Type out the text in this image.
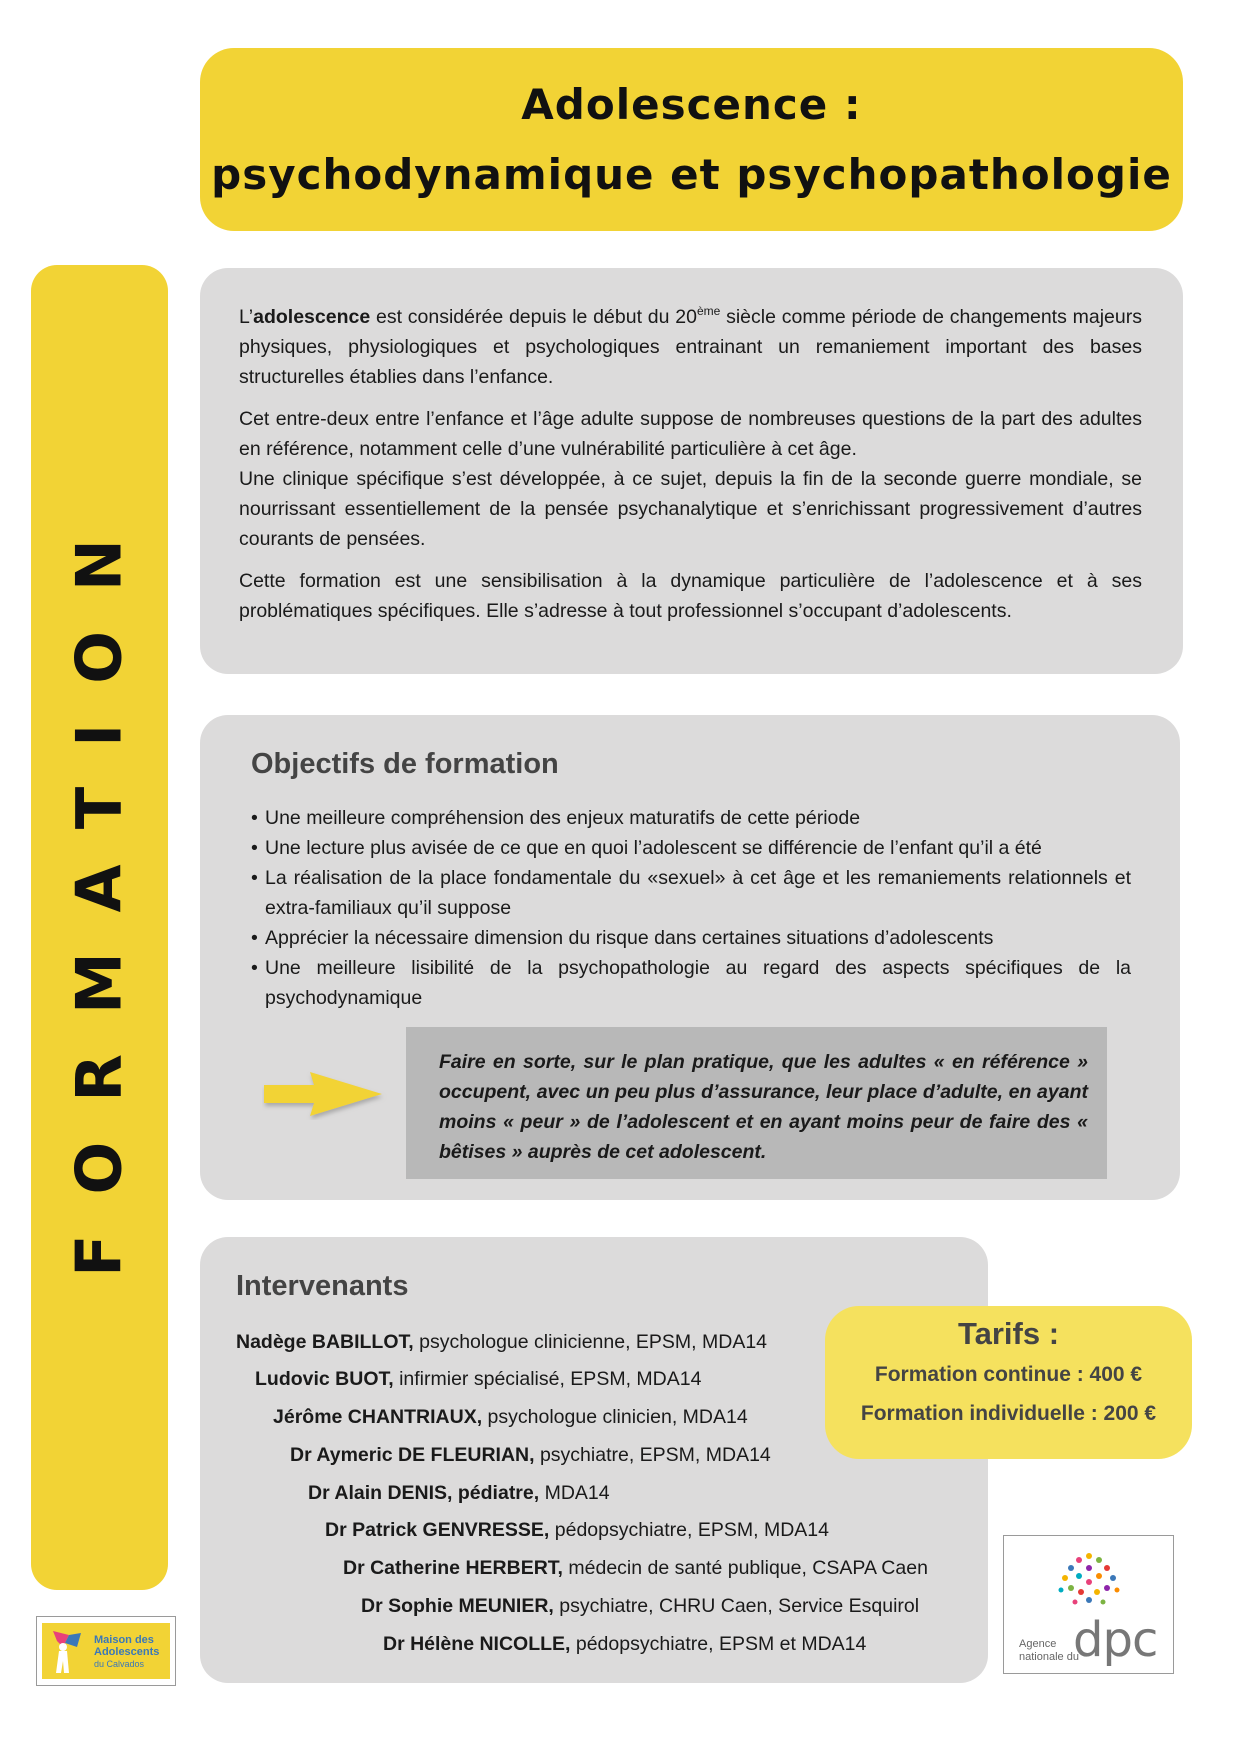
Adolescence :
psychodynamique et psychopathologie
FORMATION

L’adolescence est considérée depuis le début du 20ème siècle comme période de changements majeurs physiques, physiologiques et psychologiques entrainant un remaniement important des bases structurelles établies dans l’enfance.

Cet entre-deux entre l’enfance et l’âge adulte suppose de nombreuses questions de la part des adultes en référence, notamment celle d’une vulnérabilité particulière à cet âge.

Une clinique spécifique s’est développée, à ce sujet, depuis la fin de la seconde guerre mondiale, se nourrissant essentiellement de la pensée psychanalytique et s’enrichissant progressivement d’autres courants de pensées.

Cette formation est une sensibilisation à la dynamique particulière de l’adolescence et à ses problématiques spécifiques. Elle s’adresse à tout professionnel s’occupant d’adolescents.

Objectifs de formation
• Une meilleure compréhension des enjeux maturatifs de cette période
• Une lecture plus avisée de ce que en quoi l’adolescent se différencie de l’enfant qu’il a été
• La réalisation de la place fondamentale du «sexuel» à cet âge et les remaniements relationnels et extra-familiaux qu’il suppose
• Apprécier la nécessaire dimension du risque dans certaines situations d’adolescents
• Une meilleure lisibilité de la psychopathologie au regard des aspects spécifiques de la psychodynamique

Faire en sorte, sur le plan pratique, que les adultes « en référence » occupent, avec un peu plus d’assurance, leur place d’adulte, en ayant moins « peur » de l’adolescent et en ayant moins peur de faire des « bêtises » auprès de cet adolescent.

Intervenants
Nadège BABILLOT, psychologue clinicienne, EPSM, MDA14
Ludovic BUOT, infirmier spécialisé, EPSM, MDA14
Jérôme CHANTRIAUX, psychologue clinicien, MDA14
Dr Aymeric DE FLEURIAN, psychiatre, EPSM, MDA14
Dr Alain DENIS, pédiatre, MDA14
Dr Patrick GENVRESSE, pédopsychiatre, EPSM, MDA14
Dr Catherine HERBERT, médecin de santé publique, CSAPA Caen
Dr Sophie MEUNIER, psychiatre, CHRU Caen, Service Esquirol
Dr Hélène NICOLLE, pédopsychiatre, EPSM et MDA14
Tarifs :
Formation continue : 400 €
Formation individuelle : 200 €
Maison des
Adolescents
du Calvados	dpc
Agence
nationale du
